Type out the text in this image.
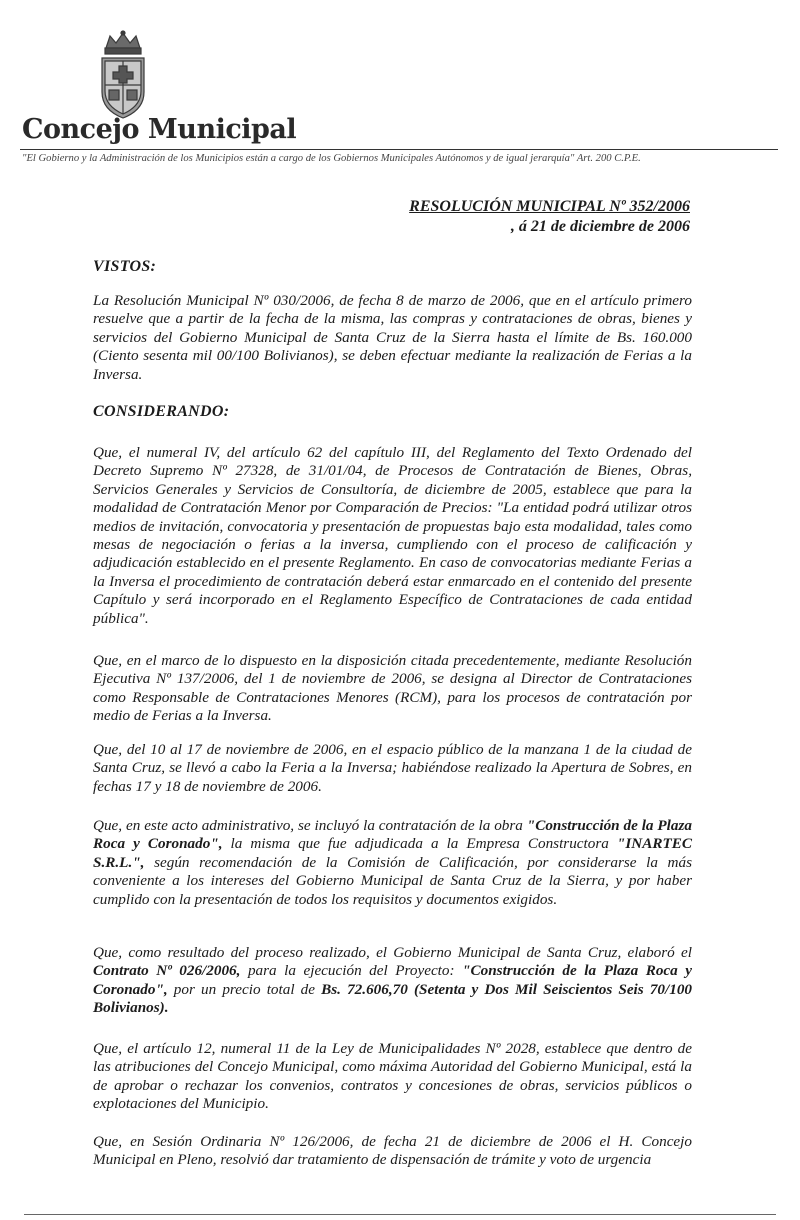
Concejo Municipal
"El Gobierno y la Administración de los Municipios están a cargo de los Gobiernos Municipales Autónomos y de igual jerarquía" Art. 200 C.P.E.
RESOLUCIÓN MUNICIPAL Nº 352/2006
, á 21 de diciembre de 2006
VISTOS:

La Resolución Municipal Nº 030/2006, de fecha 8 de marzo de 2006, que en el artículo primero resuelve que a partir de la fecha de la misma, las compras y contrataciones de obras, bienes y servicios del Gobierno Municipal de Santa Cruz de la Sierra hasta el límite de Bs. 160.000 (Ciento sesenta mil 00/100 Bolivianos), se deben efectuar mediante la realización de Ferias a la Inversa.

CONSIDERANDO:

Que, el numeral IV, del artículo 62 del capítulo III, del Reglamento del Texto Ordenado del Decreto Supremo Nº 27328, de 31/01/04, de Procesos de Contratación de Bienes, Obras, Servicios Generales y Servicios de Consultoría, de diciembre de 2005, establece que para la modalidad de Contratación Menor por Comparación de Precios: "La entidad podrá utilizar otros medios de invitación, convocatoria y presentación de propuestas bajo esta modalidad, tales como mesas de negociación o ferias a la inversa, cumpliendo con el proceso de calificación y adjudicación establecido en el presente Reglamento. En caso de convocatorias mediante Ferias a la Inversa el procedimiento de contratación deberá estar enmarcado en el contenido del presente Capítulo y será incorporado en el Reglamento Específico de Contrataciones de cada entidad pública".

Que, en el marco de lo dispuesto en la disposición citada precedentemente, mediante Resolución Ejecutiva Nº 137/2006, del 1 de noviembre de 2006, se designa al Director de Contrataciones como Responsable de Contrataciones Menores (RCM), para los procesos de contratación por medio de Ferias a la Inversa.

Que, del 10 al 17 de noviembre de 2006, en el espacio público de la manzana 1 de la ciudad de Santa Cruz, se llevó a cabo la Feria a la Inversa; habiéndose realizado la Apertura de Sobres, en fechas 17 y 18 de noviembre de 2006.

Que, en este acto administrativo, se incluyó la contratación de la obra "Construcción de la Plaza Roca y Coronado", la misma que fue adjudicada a la Empresa Constructora "INARTEC S.R.L.", según recomendación de la Comisión de Calificación, por considerarse la más conveniente a los intereses del Gobierno Municipal de Santa Cruz de la Sierra, y por haber cumplido con la presentación de todos los requisitos y documentos exigidos.

Que, como resultado del proceso realizado, el Gobierno Municipal de Santa Cruz, elaboró el Contrato Nº 026/2006, para la ejecución del Proyecto: "Construcción de la Plaza Roca y Coronado", por un precio total de Bs. 72.606,70 (Setenta y Dos Mil Seiscientos Seis 70/100 Bolivianos).

Que, el artículo 12, numeral 11 de la Ley de Municipalidades Nº 2028, establece que dentro de las atribuciones del Concejo Municipal, como máxima Autoridad del Gobierno Municipal, está la de aprobar o rechazar los convenios, contratos y concesiones de obras, servicios públicos o explotaciones del Municipio.

Que, en Sesión Ordinaria Nº 126/2006, de fecha 21 de diciembre de 2006 el H. Concejo Municipal en Pleno, resolvió dar tratamiento de dispensación de trámite y voto de urgencia
